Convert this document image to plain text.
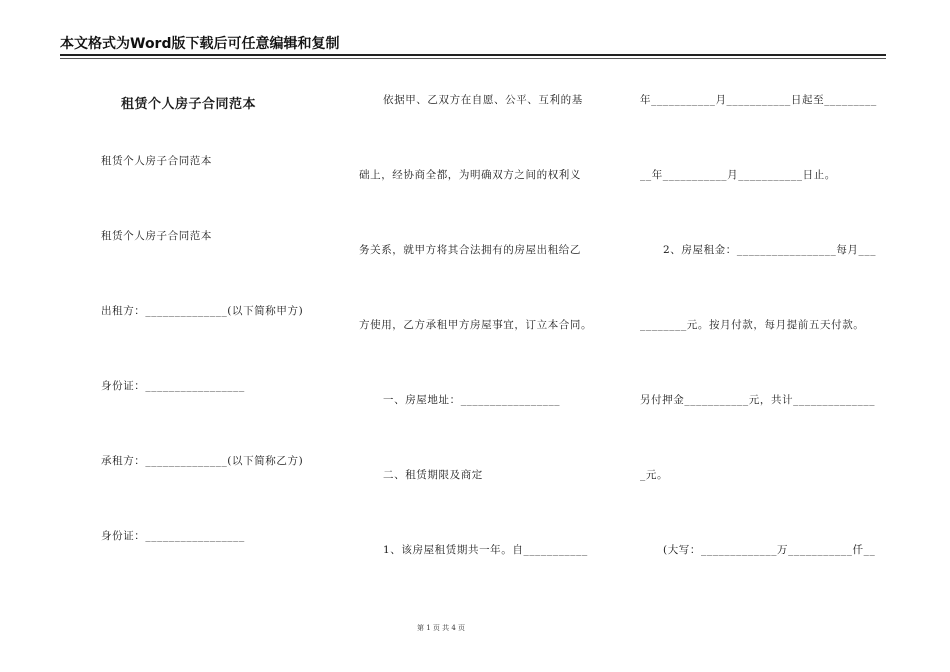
本文格式为Word版下载后可任意编辑和复制
租赁个人房子合同范本
租赁个人房子合同范本
租赁个人房子合同范本
出租方：______________(以下简称甲方)
身份证：_________________
承租方：______________(以下简称乙方)
身份证：_________________
依据甲、乙双方在自愿、公平、互利的基
础上，经协商全都，为明确双方之间的权利义
务关系，就甲方将其合法拥有的房屋出租给乙
方使用，乙方承租甲方房屋事宜，订立本合同。
一、房屋地址：_________________
二、租赁期限及商定
1、该房屋租赁期共一年。自___________
年___________月___________日起至_________
__年___________月___________日止。
2、房屋租金：_________________每月___
________元。按月付款，每月提前五天付款。
另付押金___________元，共计______________
_元。
(大写：_____________万___________仟__
第 1 页 共 4 页
